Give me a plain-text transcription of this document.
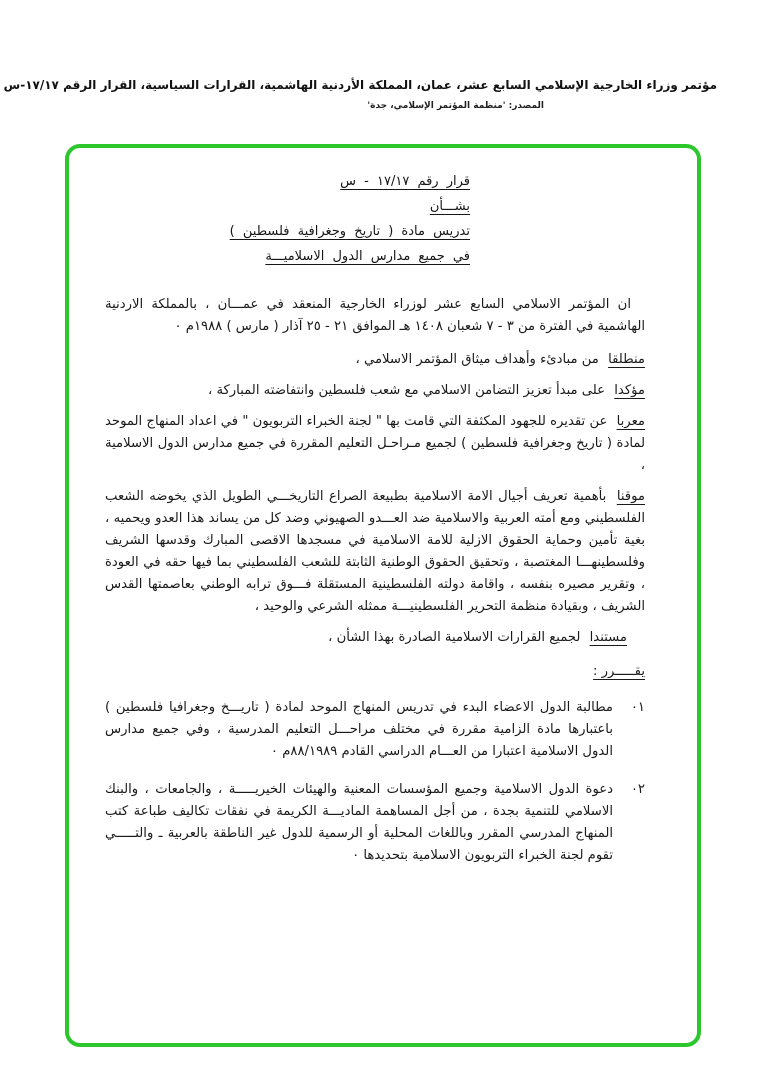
مؤتمر وزراء الخارجية الإسلامي السابع عشر، عمان، المملكة الأردنية الهاشمية، القرارات السياسية، القرار الرقم ١٧/١٧-س
المصدر: 'منظمة المؤتمر الإسلامي، جدة'
قرار رقم ١٧/١٧ - س
بشـــأن
تدريس مادة ( تاريخ وجغرافية فلسطين )
في جميع مدارس الدول الاسلاميـــة

ان المؤتمر الاسلامي السابع عشر لوزراء الخارجية المنعقد في عمـــان ، بالمملكة الاردنية الهاشمية في الفترة من ٣ - ٧ شعبان ١٤٠٨ هـ الموافق ٢١ - ٢٥ آذار ( مارس ) ١٩٨٨م ٠

منطلقا من مبادئء وأهداف ميثاق المؤتمر الاسلامي ،

مؤكدا على مبدأ تعزيز التضامن الاسلامي مع شعب فلسطين وانتفاضته المباركة ،

معربا عن تقديره للجهود المكثفة التي قامت بها " لجنة الخبراء التربويون " في اعداد المنهاج الموحد لمادة ( تاريخ وجغرافية فلسطين ) لجميع مـراحـل التعليم المقررة في جميع مدارس الدول الاسلامية ،

موقنا بأهمية تعريف أجيال الامة الاسلامية بطبيعة الصراع التاريخـــي الطويل الذي يخوضه الشعب الفلسطيني ومع أمته العربية والاسلامية ضد العـــدو الصهيوني وضد كل من يساند هذا العدو ويحميه ، بغية تأمين وحماية الحقوق الازلية للامة الاسلامية في مسجدها الاقصى المبارك وقدسها الشريف وفلسطينهـــا المغتصبة ، وتحقيق الحقوق الوطنية الثابتة للشعب الفلسطيني بما فيها حقه في العودة ، وتقرير مصيره بنفسه ، واقامة دولته الفلسطينية المستقلة فـــوق ترابه الوطني بعاصمتها القدس الشريف ، وبقيادة منظمة التحرير الفلسطينيـــة ممثله الشرعي والوحيد ،

مستندا لجميع القرارات الاسلامية الصادرة بهذا الشأن ،

يقـــــرر :

٠١

مطالبة الدول الاعضاء البدء في تدريس المنهاج الموحد لمادة ( تاريـــخ وجغرافيا فلسطين ) باعتبارها مادة الزامية مقررة في مختلف مراحـــل التعليم المدرسية ، وفي جميع مدارس الدول الاسلامية اعتبارا من العـــام الدراسي القادم ٨٨/١٩٨٩م ٠

٠٢

دعوة الدول الاسلامية وجميع المؤسسات المعنية والهيئات الخيريـــــة ، والجامعات ، والبنك الاسلامي للتنمية بجدة ، من أجل المساهمة الماديـــة الكريمة في نفقات تكاليف طباعة كتب المنهاج المدرسي المقرر وباللغات المحلية أو الرسمية للدول غير الناطقة بالعربية ـ والتـــــي تقوم لجنة الخبراء التربويون الاسلامية بتحديدها ٠
